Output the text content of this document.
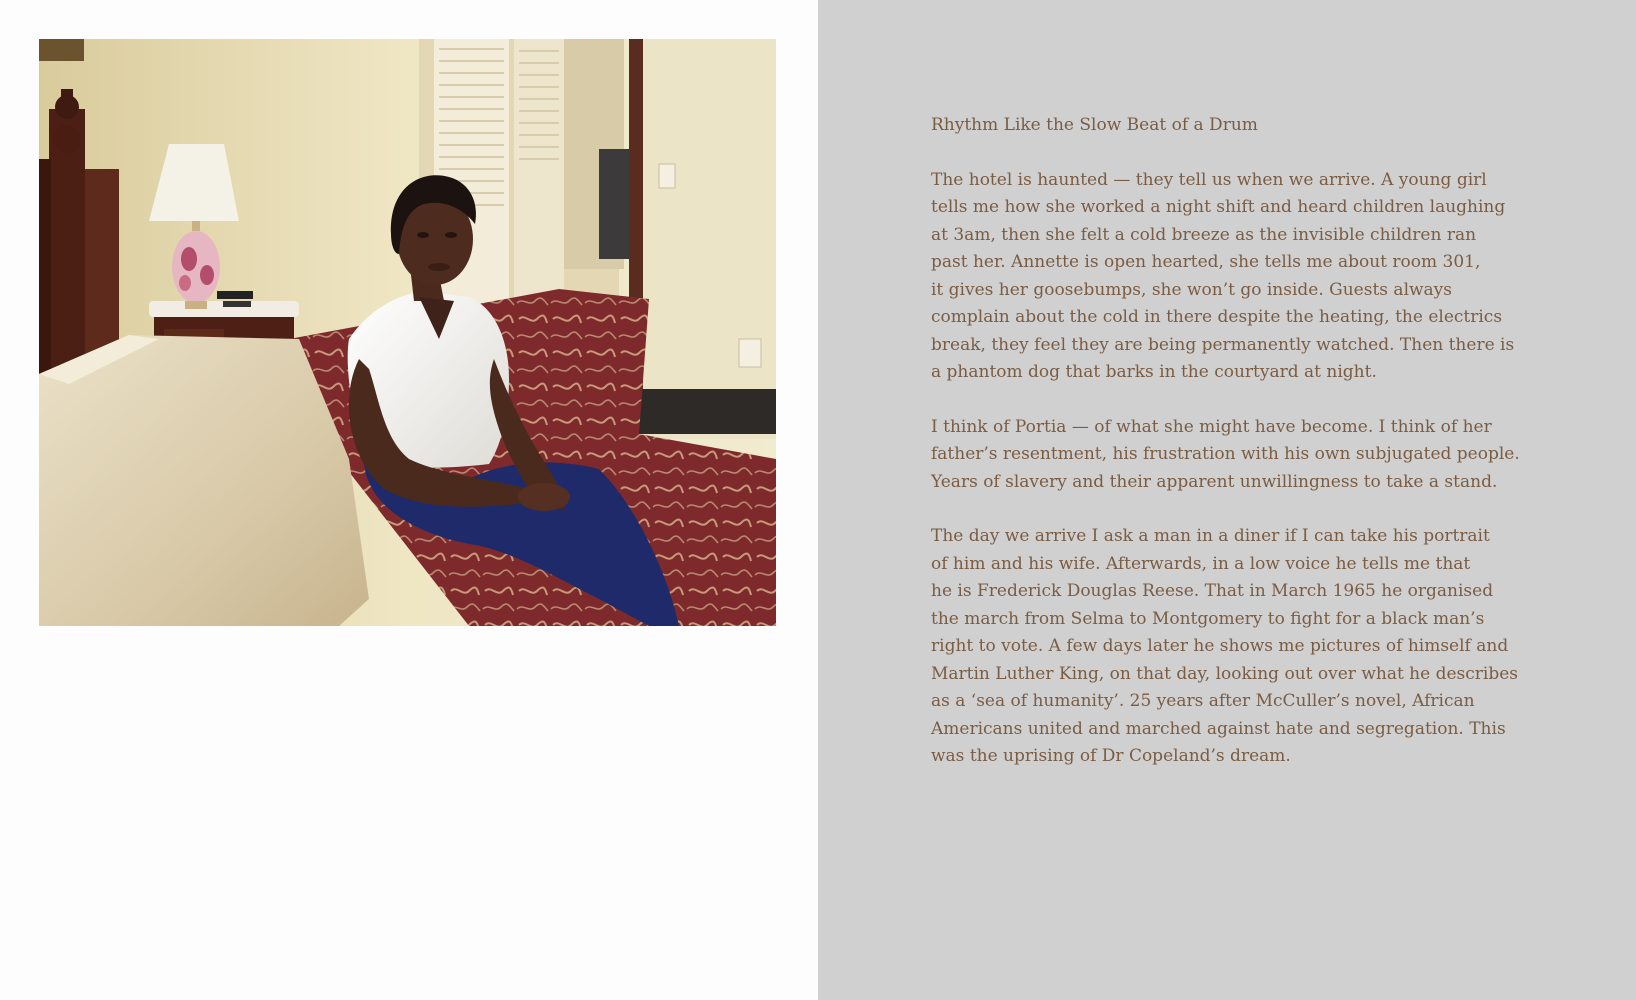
Rhythm Like the Slow Beat of a Drum

The hotel is haunted — they tell us when we arrive. A young girl
tells me how she worked a night shift and heard children laughing
at 3am, then she felt a cold breeze as the invisible children ran
past her. Annette is open hearted, she tells me about room 301,
it gives her goosebumps, she won’t go inside. Guests always
complain about the cold in there despite the heating, the electrics
break, they feel they are being permanently watched. Then there is
a phantom dog that barks in the courtyard at night.

I think of Portia — of what she might have become. I think of her
father’s resentment, his frustration with his own subjugated people.
Years of slavery and their apparent unwillingness to take a stand.

The day we arrive I ask a man in a diner if I can take his portrait
of him and his wife. Afterwards, in a low voice he tells me that
he is Frederick Douglas Reese. That in March 1965 he organised
the march from Selma to Montgomery to fight for a black man’s
right to vote. A few days later he shows me pictures of himself and
Martin Luther King, on that day, looking out over what he describes
as a ‘sea of humanity’. 25 years after McCuller’s novel, African
Americans united and marched against hate and segregation. This
was the uprising of Dr Copeland’s dream.
